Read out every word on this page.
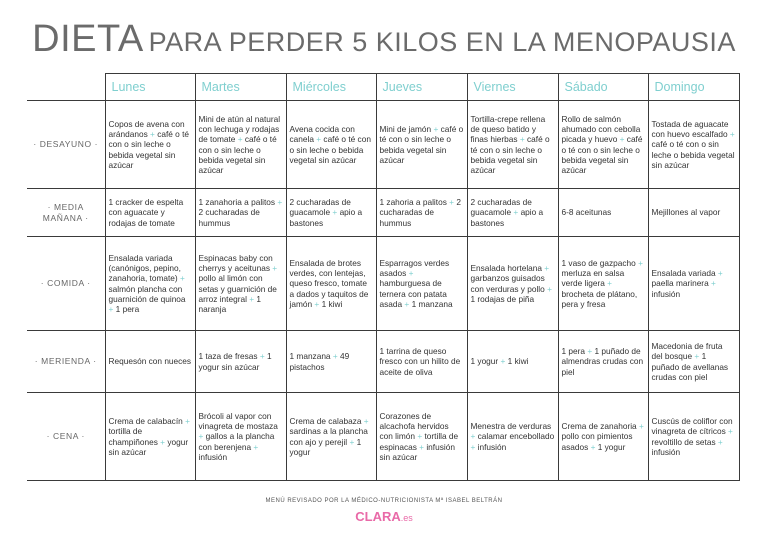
DIETA PARA PERDER 5 KILOS EN LA MENOPAUSIA
	Lunes	Martes	Miércoles	Jueves	Viernes	Sábado	Domingo
· DESAYUNO ·	Copos de avena con arándanos + café o té con o sin leche o bebida vegetal sin azúcar	Mini de atún al natural con lechuga y rodajas de tomate + café o té con o sin leche o bebida vegetal sin azúcar	Avena cocida con canela + café o té con o sin leche o bebida vegetal sin azúcar	Mini de jamón + café o té con o sin leche o bebida vegetal sin azúcar	Tortilla-crepe rellena de queso batido y finas hierbas + café o té con o sin leche o bebida vegetal sin azúcar	Rollo de salmón ahumado con cebolla picada y huevo + café o té con o sin leche o bebida vegetal sin azúcar	Tostada de aguacate con huevo escalfado + café o té con o sin leche o bebida vegetal sin azúcar
· MEDIA MAÑANA ·	1 cracker de espelta con aguacate y rodajas de tomate	1 zanahoria a palitos + 2 cucharadas de hummus	2 cucharadas de guacamole + apio a bastones	1 zahoria a palitos + 2 cucharadas de hummus	2 cucharadas de guacamole + apio a bastones	6-8 aceitunas	Mejillones al vapor
· COMIDA ·	Ensalada variada (canónigos, pepino, zanahoria, tomate) + salmón plancha con guarnición de quinoa + 1 pera	Espinacas baby con cherrys y aceitunas + pollo al limón con setas y guarnición de arroz integral + 1 naranja	Ensalada de brotes verdes, con lentejas, queso fresco, tomate a dados y taquitos de jamón + 1 kiwi	Esparragos verdes asados + hamburguesa de ternera con patata asada + 1 manzana	Ensalada hortelana + garbanzos guisados con verduras y pollo + 1 rodajas de piña	1 vaso de gazpacho + merluza en salsa verde ligera + brocheta de plátano, pera y fresa	Ensalada variada + paella marinera + infusión
· MERIENDA ·	Requesón con nueces	1 taza de fresas + 1 yogur sin azúcar	1 manzana + 49 pistachos	1 tarrina de queso fresco con un hilito de aceite de oliva	1 yogur + 1 kiwi	1 pera + 1 puñado de almendras crudas con piel	Macedonia de fruta del bosque + 1 puñado de avellanas crudas con piel
· CENA ·	Crema de calabacín + tortilla de champiñones + yogur sin azúcar	Brócoli al vapor con vinagreta de mostaza + gallos a la plancha con berenjena + infusión	Crema de calabaza + sardinas a la plancha con ajo y perejil + 1 yogur	Corazones de alcachofa hervidos con limón + tortilla de espinacas + infusión sin azúcar	Menestra de verduras + calamar encebollado + infusión	Crema de zanahoria + pollo con pimientos asados + 1 yogur	Cuscús de coliflor con vinagreta de cítricos + revoltillo de setas + infusión
MENÚ REVISADO POR LA MÉDICO-NUTRICIONISTA Mª ISABEL BELTRÁN
CLARA.es
